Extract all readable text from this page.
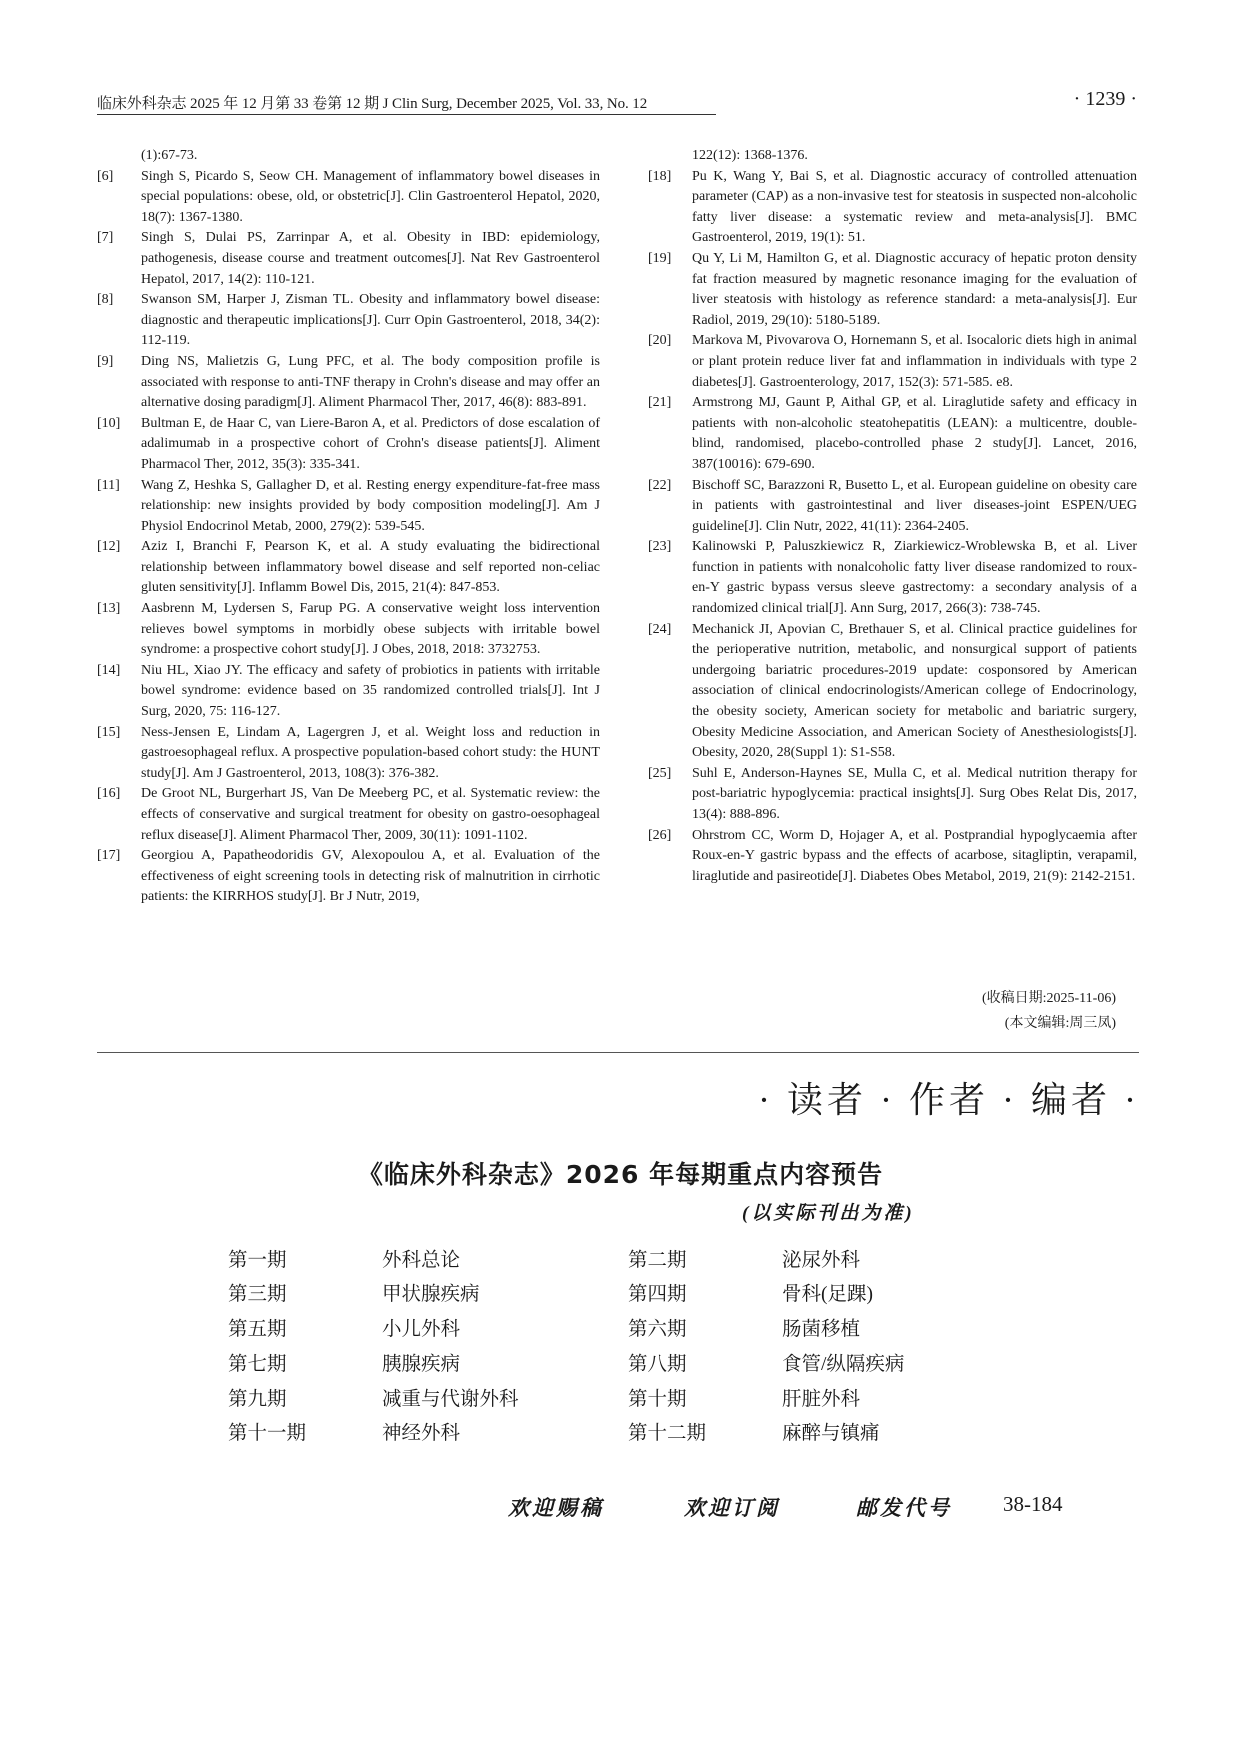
临床外科杂志 2025 年 12 月第 33 卷第 12 期 J Clin Surg, December 2025, Vol. 33, No. 12	· 1239 ·
(1):67-73.
[6] Singh S, Picardo S, Seow CH. Management of inflammatory bowel diseases in special populations: obese, old, or obstetric[J]. Clin Gastroenterol Hepatol, 2020, 18(7): 1367-1380.
[7] Singh S, Dulai PS, Zarrinpar A, et al. Obesity in IBD: epidemiology, pathogenesis, disease course and treatment outcomes[J]. Nat Rev Gastroenterol Hepatol, 2017, 14(2): 110-121.
[8] Swanson SM, Harper J, Zisman TL. Obesity and inflammatory bowel disease: diagnostic and therapeutic implications[J]. Curr Opin Gastroenterol, 2018, 34(2): 112-119.
[9] Ding NS, Malietzis G, Lung PFC, et al. The body composition profile is associated with response to anti-TNF therapy in Crohn's disease and may offer an alternative dosing paradigm[J]. Aliment Pharmacol Ther, 2017, 46(8): 883-891.
[10] Bultman E, de Haar C, van Liere-Baron A, et al. Predictors of dose escalation of adalimumab in a prospective cohort of Crohn's disease patients[J]. Aliment Pharmacol Ther, 2012, 35(3): 335-341.
[11] Wang Z, Heshka S, Gallagher D, et al. Resting energy expenditure-fat-free mass relationship: new insights provided by body composition modeling[J]. Am J Physiol Endocrinol Metab, 2000, 279(2): 539-545.
[12] Aziz I, Branchi F, Pearson K, et al. A study evaluating the bidirectional relationship between inflammatory bowel disease and self reported non-celiac gluten sensitivity[J]. Inflamm Bowel Dis, 2015, 21(4): 847-853.
[13] Aasbrenn M, Lydersen S, Farup PG. A conservative weight loss intervention relieves bowel symptoms in morbidly obese subjects with irritable bowel syndrome: a prospective cohort study[J]. J Obes, 2018, 2018: 3732753.
[14] Niu HL, Xiao JY. The efficacy and safety of probiotics in patients with irritable bowel syndrome: evidence based on 35 randomized controlled trials[J]. Int J Surg, 2020, 75: 116-127.
[15] Ness-Jensen E, Lindam A, Lagergren J, et al. Weight loss and reduction in gastroesophageal reflux. A prospective population-based cohort study: the HUNT study[J]. Am J Gastroenterol, 2013, 108(3): 376-382.
[16] De Groot NL, Burgerhart JS, Van De Meeberg PC, et al. Systematic review: the effects of conservative and surgical treatment for obesity on gastro-oesophageal reflux disease[J]. Aliment Pharmacol Ther, 2009, 30(11): 1091-1102.
[17] Georgiou A, Papatheodoridis GV, Alexopoulou A, et al. Evaluation of the effectiveness of eight screening tools in detecting risk of malnutrition in cirrhotic patients: the KIRRHOS study[J]. Br J Nutr, 2019,
122(12): 1368-1376.
[18] Pu K, Wang Y, Bai S, et al. Diagnostic accuracy of controlled attenuation parameter (CAP) as a non-invasive test for steatosis in suspected non-alcoholic fatty liver disease: a systematic review and meta-analysis[J]. BMC Gastroenterol, 2019, 19(1): 51.
[19] Qu Y, Li M, Hamilton G, et al. Diagnostic accuracy of hepatic proton density fat fraction measured by magnetic resonance imaging for the evaluation of liver steatosis with histology as reference standard: a meta-analysis[J]. Eur Radiol, 2019, 29(10): 5180-5189.
[20] Markova M, Pivovarova O, Hornemann S, et al. Isocaloric diets high in animal or plant protein reduce liver fat and inflammation in individuals with type 2 diabetes[J]. Gastroenterology, 2017, 152(3): 571-585. e8.
[21] Armstrong MJ, Gaunt P, Aithal GP, et al. Liraglutide safety and efficacy in patients with non-alcoholic steatohepatitis (LEAN): a multicentre, double-blind, randomised, placebo-controlled phase 2 study[J]. Lancet, 2016, 387(10016): 679-690.
[22] Bischoff SC, Barazzoni R, Busetto L, et al. European guideline on obesity care in patients with gastrointestinal and liver diseases-joint ESPEN/UEG guideline[J]. Clin Nutr, 2022, 41(11): 2364-2405.
[23] Kalinowski P, Paluszkiewicz R, Ziarkiewicz-Wroblewska B, et al. Liver function in patients with nonalcoholic fatty liver disease randomized to roux-en-Y gastric bypass versus sleeve gastrectomy: a secondary analysis of a randomized clinical trial[J]. Ann Surg, 2017, 266(3): 738-745.
[24] Mechanick JI, Apovian C, Brethauer S, et al. Clinical practice guidelines for the perioperative nutrition, metabolic, and nonsurgical support of patients undergoing bariatric procedures-2019 update: cosponsored by American association of clinical endocrinologists/American college of Endocrinology, the obesity society, American society for metabolic and bariatric surgery, Obesity Medicine Association, and American Society of Anesthesiologists[J]. Obesity, 2020, 28(Suppl 1): S1-S58.
[25] Suhl E, Anderson-Haynes SE, Mulla C, et al. Medical nutrition therapy for post-bariatric hypoglycemia: practical insights[J]. Surg Obes Relat Dis, 2017, 13(4): 888-896.
[26] Ohrstrom CC, Worm D, Hojager A, et al. Postprandial hypoglycaemia after Roux-en-Y gastric bypass and the effects of acarbose, sitagliptin, verapamil, liraglutide and pasireotide[J]. Diabetes Obes Metabol, 2019, 21(9): 2142-2151.
(收稿日期:2025-11-06)
(本文编辑:周三凤)
· 读者 · 作者 · 编者 ·
《临床外科杂志》2026 年每期重点内容预告
(以实际刊出为准)
第一期	外科总论	第二期	泌尿外科
第三期	甲状腺疾病	第四期	骨科(足踝)
第五期	小儿外科	第六期	肠菌移植
第七期	胰腺疾病	第八期	食管/纵隔疾病
第九期	减重与代谢外科	第十期	肝脏外科
第十一期	神经外科	第十二期	麻醉与镇痛
欢迎赐稿	欢迎订阅	邮发代号 38-184
